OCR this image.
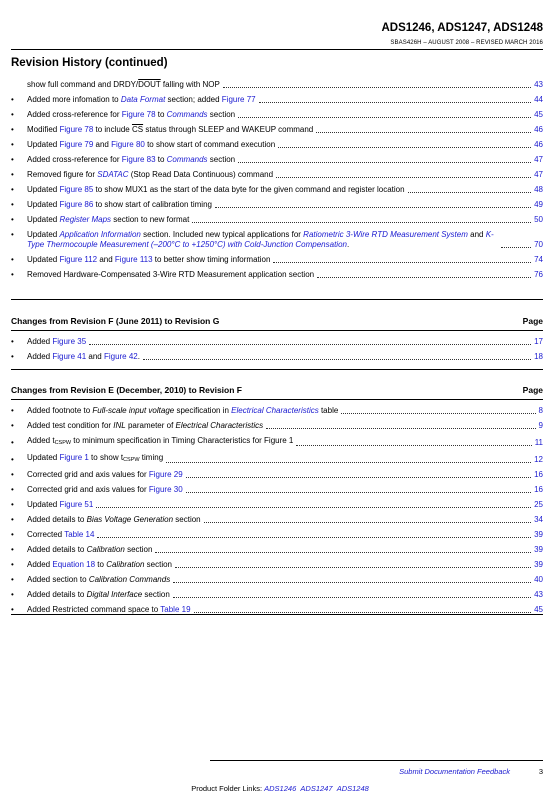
ADS1246, ADS1247, ADS1248
SBAS426H – AUGUST 2008 – REVISED MARCH 2016
Revision History (continued)
show full command and DRDY/DOUT falling with NOP	43
•	Added more infomation to Data Format section; added Figure 77	44
•	Added cross-reference for Figure 78 to Commands section	45
•	Modified Figure 78 to include $\overline{CS}$ status through SLEEP and WAKEUP command	46
•	Updated Figure 79 and Figure 80 to show start of command execution	46
•	Added cross-reference for Figure 83 to Commands section	47
•	Removed figure for SDATAC (Stop Read Data Continuous) command	47
•	Updated Figure 85 to show MUX1 as the start of the data byte for the given command and register location	48
•	Updated Figure 86 to show start of calibration timing	49
•	Updated Register Maps section to new format	50
•	Updated Application Information section. Included new typical applications for Ratiometric 3-Wire RTD Measurement System and K-Type Thermocouple Measurement (–200°C to +1250°C) with Cold-Junction Compensation.	70
•	Updated Figure 112 and Figure 113 to better show timing information	74
•	Removed Hardware-Compensated 3-Wire RTD Measurement application section	76
Changes from Revision F (June 2011) to Revision G	Page
•	Added Figure 35	17
•	Added Figure 41 and Figure 42.	18
Changes from Revision E (December, 2010) to Revision F	Page
•	Added footnote to Full-scale input voltage specification in Electrical Characteristics table	8
•	Added test condition for INL parameter of Electrical Characteristics	9
•	Added tCSPW to minimum specification in Timing Characteristics for Figure 1	11
•	Updated Figure 1 to show tCSPW timing	12
•	Corrected grid and axis values for Figure 29	16
•	Corrected grid and axis values for Figure 30	16
•	Updated Figure 51	25
•	Added details to Bias Voltage Generation section	34
•	Corrected Table 14	39
•	Added details to Calibration section	39
•	Added Equation 18 to Calibration section	39
•	Added section to Calibration Commands	40
•	Added details to Digital Interface section	43
•	Added Restricted command space to Table 19	45
Submit Documentation Feedback	3
Product Folder Links: ADS1246 ADS1247 ADS1248
